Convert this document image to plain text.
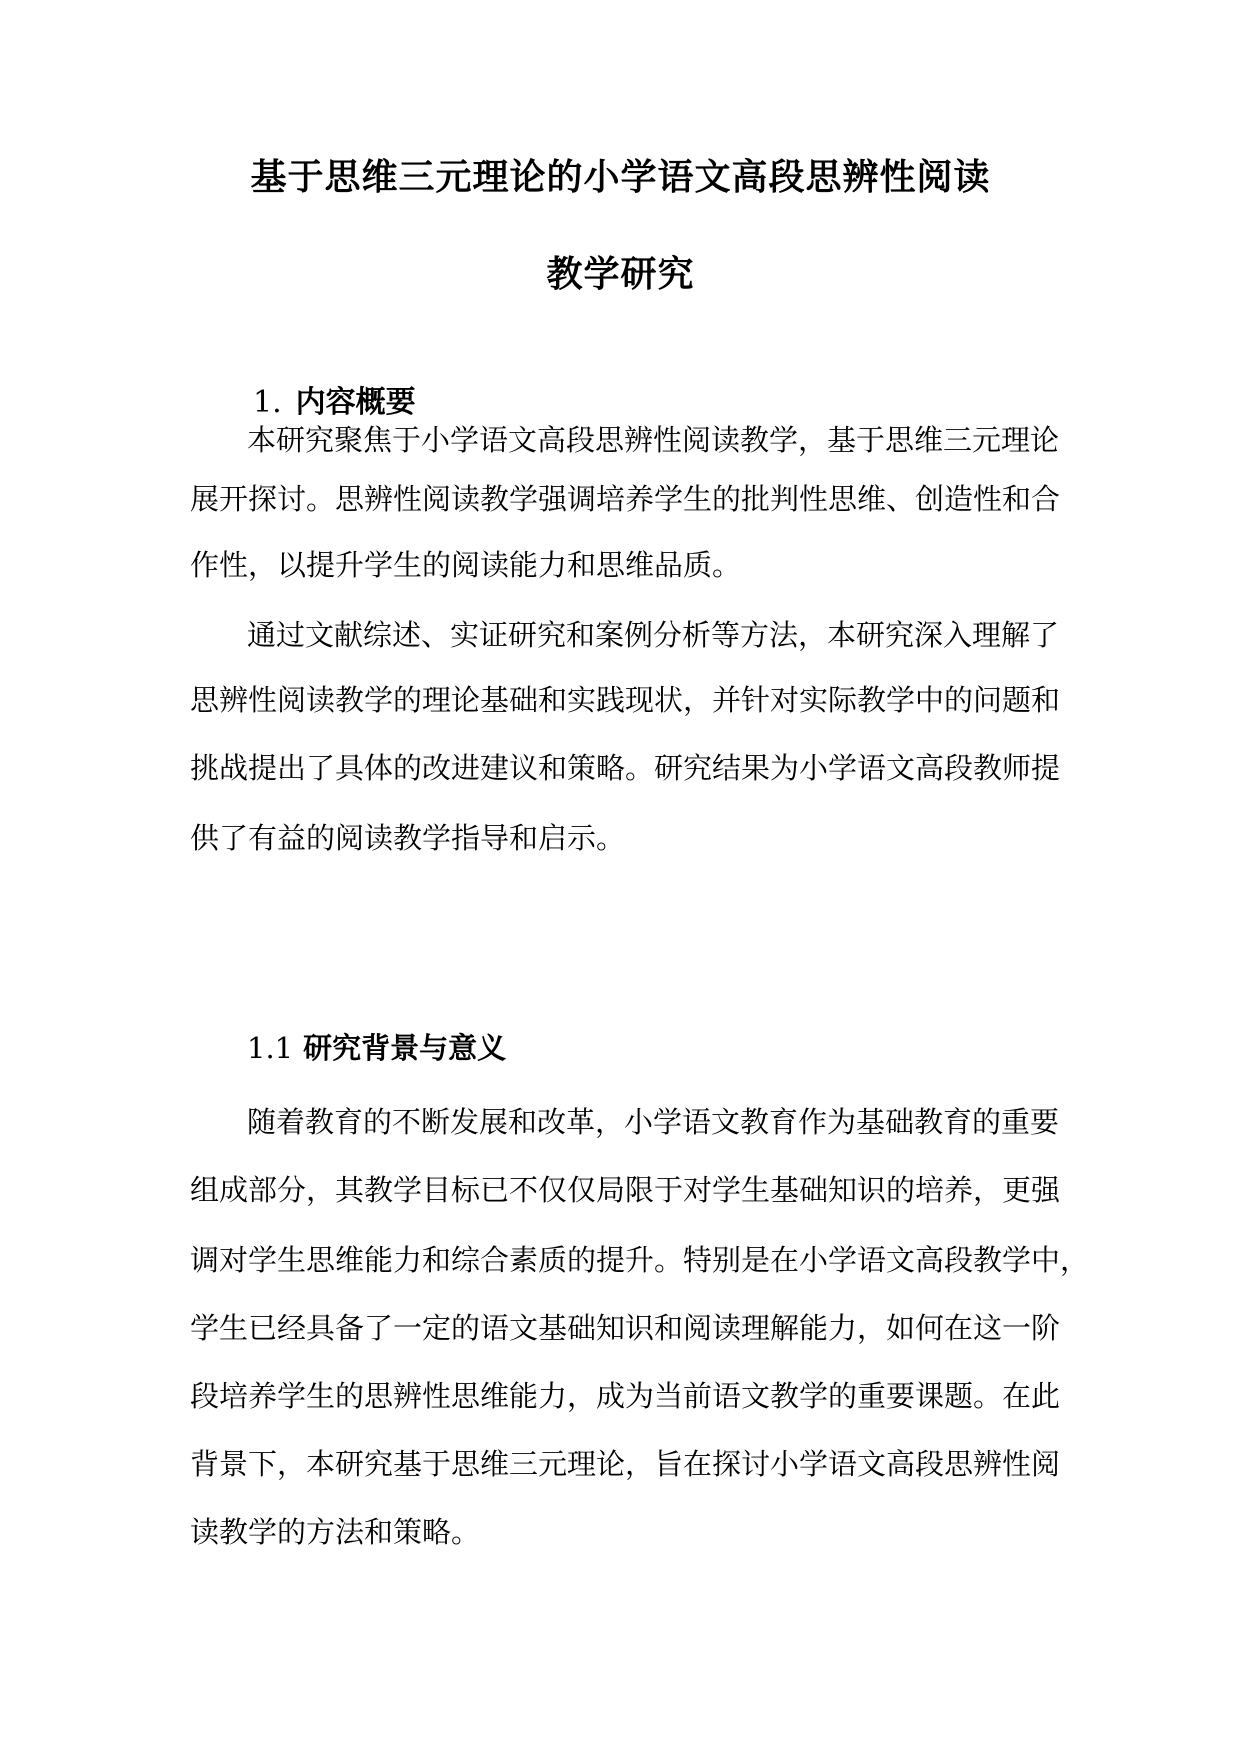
基于思维三元理论的小学语文高段思辨性阅读
教学研究
1. 内容概要
本研究聚焦于小学语文高段思辨性阅读教学，基于思维三元理论
展开探讨。思辨性阅读教学强调培养学生的批判性思维、创造性和合
作性，以提升学生的阅读能力和思维品质。
通过文献综述、实证研究和案例分析等方法，本研究深入理解了
思辨性阅读教学的理论基础和实践现状，并针对实际教学中的问题和
挑战提出了具体的改进建议和策略。研究结果为小学语文高段教师提
供了有益的阅读教学指导和启示。
1.1 研究背景与意义
随着教育的不断发展和改革，小学语文教育作为基础教育的重要
组成部分，其教学目标已不仅仅局限于对学生基础知识的培养，更强
调对学生思维能力和综合素质的提升。特别是在小学语文高段教学中，
学生已经具备了一定的语文基础知识和阅读理解能力，如何在这一阶
段培养学生的思辨性思维能力，成为当前语文教学的重要课题。在此
背景下，本研究基于思维三元理论，旨在探讨小学语文高段思辨性阅
读教学的方法和策略。
